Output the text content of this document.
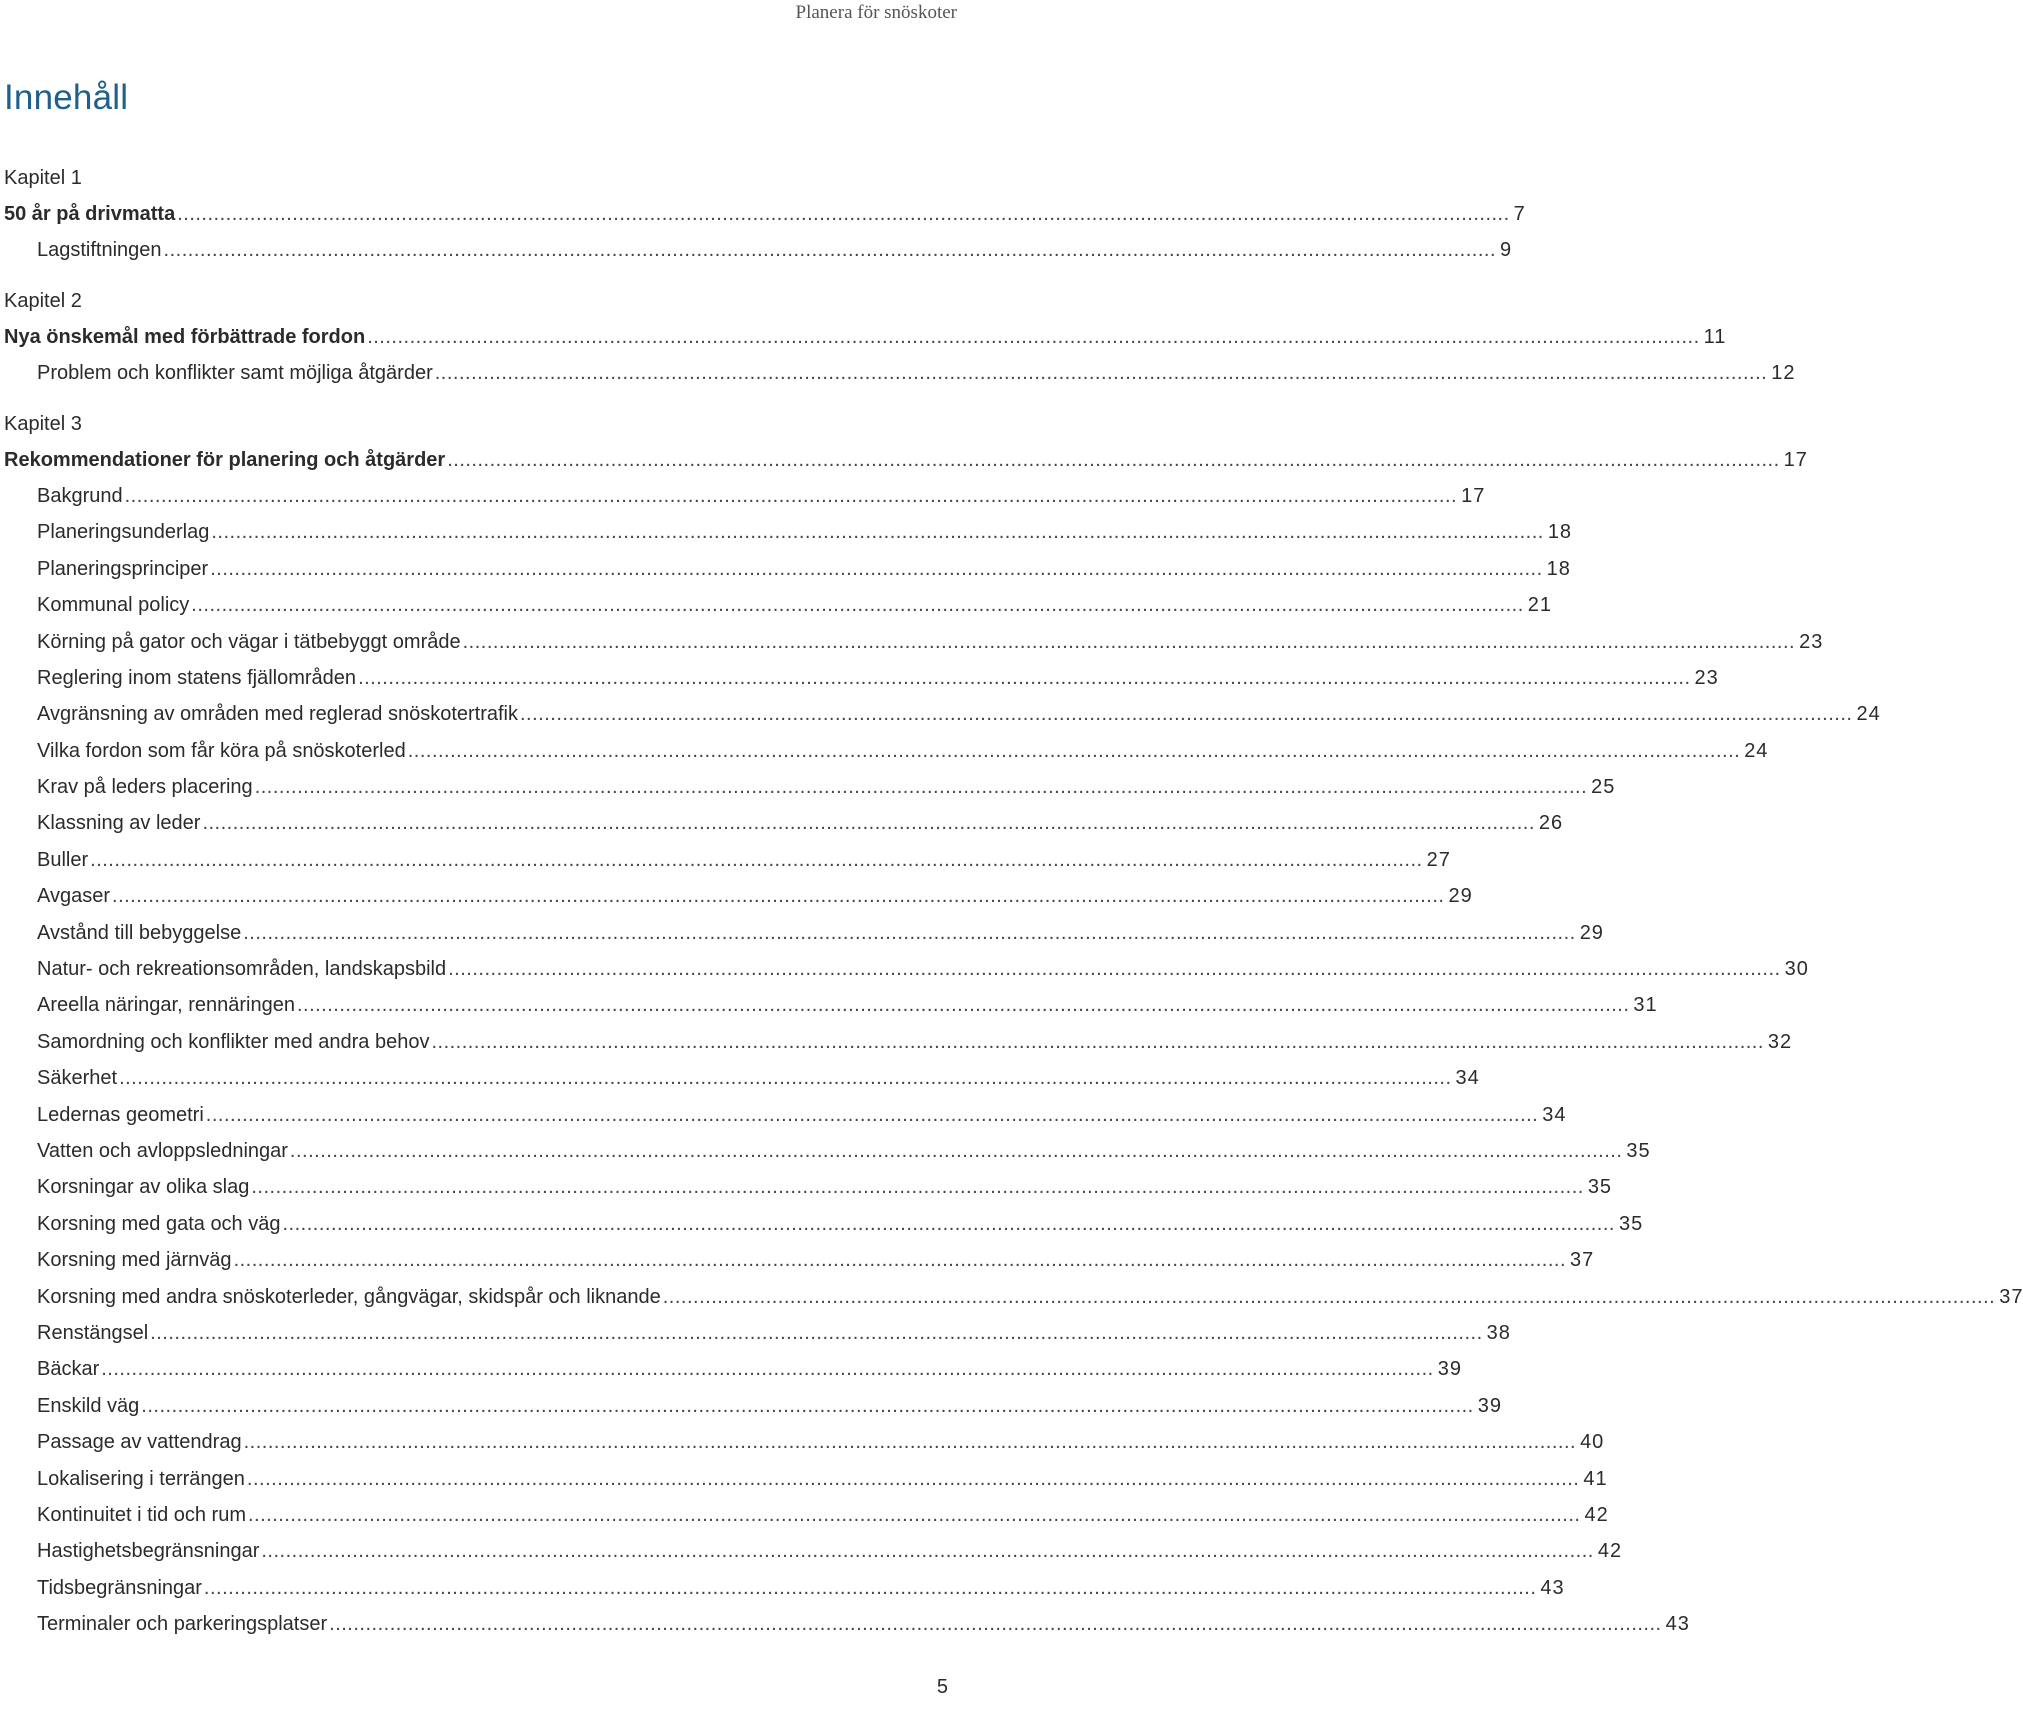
Planera för snöskoter
Innehåll
Kapitel 1
50 år på drivmatta ............................................................................................................................................................................................................................ 7
Lagstiftningen ............................................................................................................................................................................................................................ 9
Kapitel 2
Nya önskemål med förbättrade fordon ............................................................................................................................................................................................................................ 11
Problem och konflikter samt möjliga åtgärder ............................................................................................................................................................................................................................ 12
Kapitel 3
Rekommendationer för planering och åtgärder ............................................................................................................................................................................................................................ 17
Bakgrund ............................................................................................................................................................................................................................ 17
Planeringsunderlag ............................................................................................................................................................................................................................ 18
Planeringsprinciper ............................................................................................................................................................................................................................ 18
Kommunal policy ............................................................................................................................................................................................................................ 21
Körning på gator och vägar i tätbebyggt område ............................................................................................................................................................................................................................ 23
Reglering inom statens fjällområden ............................................................................................................................................................................................................................ 23
Avgränsning av områden med reglerad snöskotertrafik ............................................................................................................................................................................................................................ 24
Vilka fordon som får köra på snöskoterled ............................................................................................................................................................................................................................ 24
Krav på leders placering ............................................................................................................................................................................................................................ 25
Klassning av leder ............................................................................................................................................................................................................................ 26
Buller ............................................................................................................................................................................................................................ 27
Avgaser ............................................................................................................................................................................................................................ 29
Avstånd till bebyggelse ............................................................................................................................................................................................................................ 29
Natur- och rekreationsområden, landskapsbild ............................................................................................................................................................................................................................ 30
Areella näringar, rennäringen ............................................................................................................................................................................................................................ 31
Samordning och konflikter med andra behov ............................................................................................................................................................................................................................ 32
Säkerhet ............................................................................................................................................................................................................................ 34
Ledernas geometri ............................................................................................................................................................................................................................ 34
Vatten och avloppsledningar ............................................................................................................................................................................................................................ 35
Korsningar av olika slag ............................................................................................................................................................................................................................ 35
Korsning med gata och väg ............................................................................................................................................................................................................................ 35
Korsning med järnväg ............................................................................................................................................................................................................................ 37
Korsning med andra snöskoterleder, gångvägar, skidspår och liknande ............................................................................................................................................................................................................................ 37
Renstängsel ............................................................................................................................................................................................................................ 38
Bäckar ............................................................................................................................................................................................................................ 39
Enskild väg ............................................................................................................................................................................................................................ 39
Passage av vattendrag ............................................................................................................................................................................................................................ 40
Lokalisering i terrängen ............................................................................................................................................................................................................................ 41
Kontinuitet i tid och rum ............................................................................................................................................................................................................................ 42
Hastighetsbegränsningar ............................................................................................................................................................................................................................ 42
Tidsbegränsningar ............................................................................................................................................................................................................................ 43
Terminaler och parkeringsplatser ............................................................................................................................................................................................................................ 43
5
